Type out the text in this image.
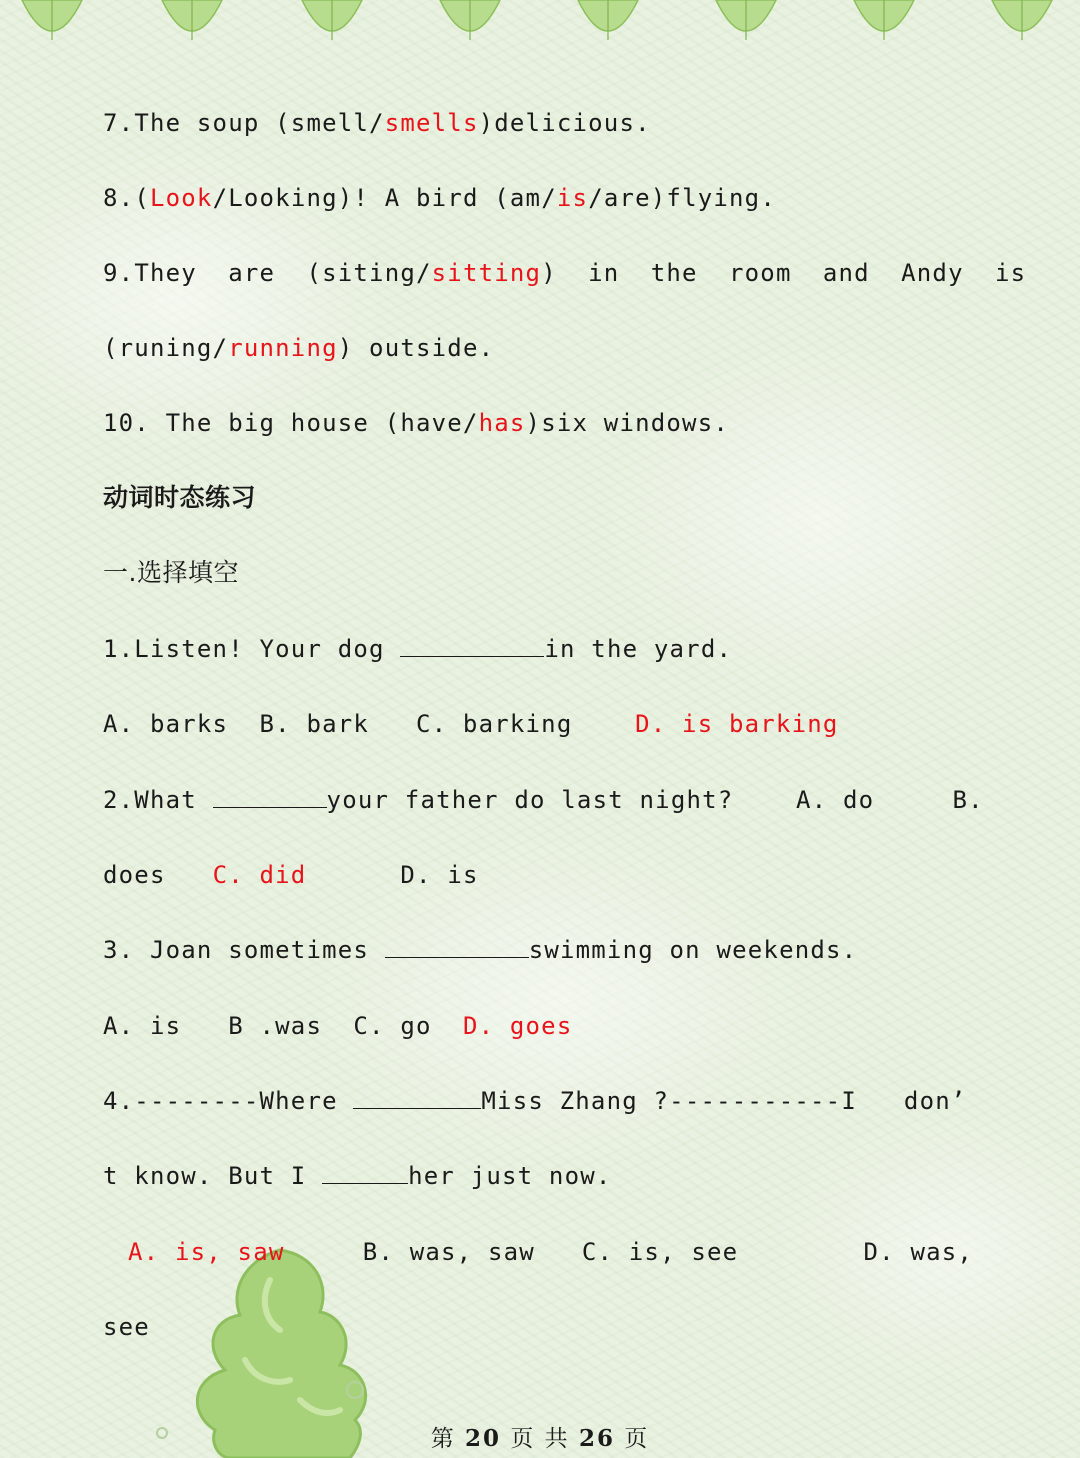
7.The soup (smell/smells)delicious.
8.(Look/Looking)! A bird (am/is/are)flying.
9.They  are  (siting/sitting)  in  the  room  and  Andy  is
(runing/running) outside.
10. The big house (have/has)six windows.
动词时态练习
一.选择填空
1.Listen! Your dog	in the yard.
A. barks  B. bark   C. barking	D. is barking
2.What	your father do last night?    A. do     B.
does C. did	D. is
3. Joan sometimes	swimming on weekends.
A. is   B .was  C. go  D. goes
4.--------Where	Miss Zhang ?-----------I   don’
t know. But I	her just now.
A. is, saw	B. was, saw   C. is, see        D. was,
see
第 20 页 共 26 页
